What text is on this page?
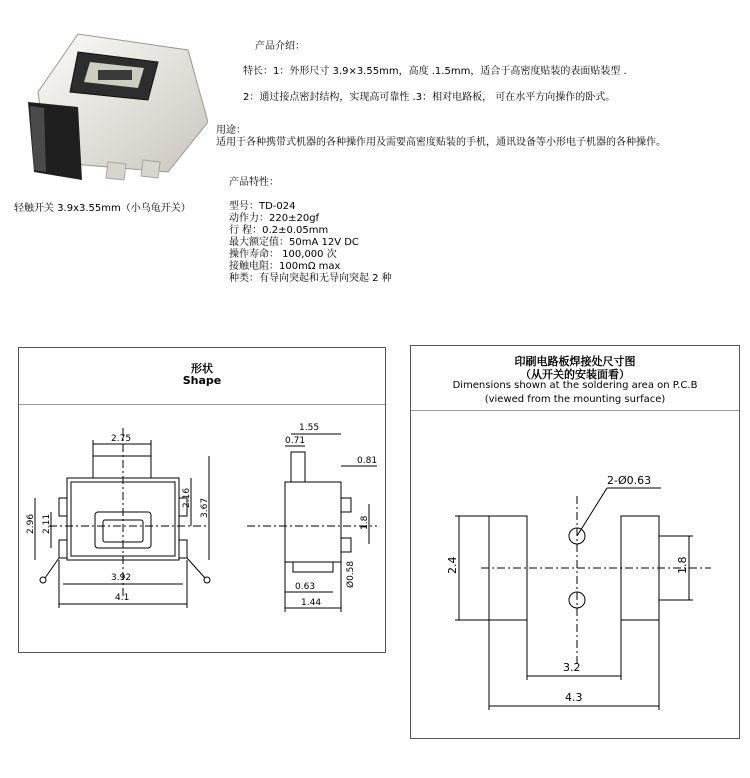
产品介绍：
特长：1：外形尺寸 3.9×3.55mm，高度 .1.5mm，适合于高密度贴装的表面贴装型 .
2：通过接点密封结构，实现高可靠性 .3：相对电路板， 可在水平方向操作的卧式。
用途：
适用于各种携带式机器的各种操作用及需要高密度贴装的手机，通讯设备等小形电子机器的各种操作。
轻触开关 3.9x3.55mm（小乌龟开关）
产品特性：
型号：TD-024
动作力：220±20gf
行 程：0.2±0.05mm
最大额定值：50mA 12V DC
操作寿命： 100,000 次
接触电阻：100mΩ max
种类：有导向突起和无导向突起 2 种
形状
Shape
2.75
3.92
4.1
2.96 2.11
2.16 3.67
1.55
0.71
0.81
1.8
Ø0.58
0.63
1.44
印刷电路板焊接处尺寸图
（从开关的安装面看）
Dimensions shown at the soldering area on P.C.B
(viewed from the mounting surface)
2-Ø0.63
2.4	1.8
3.2
4.3
